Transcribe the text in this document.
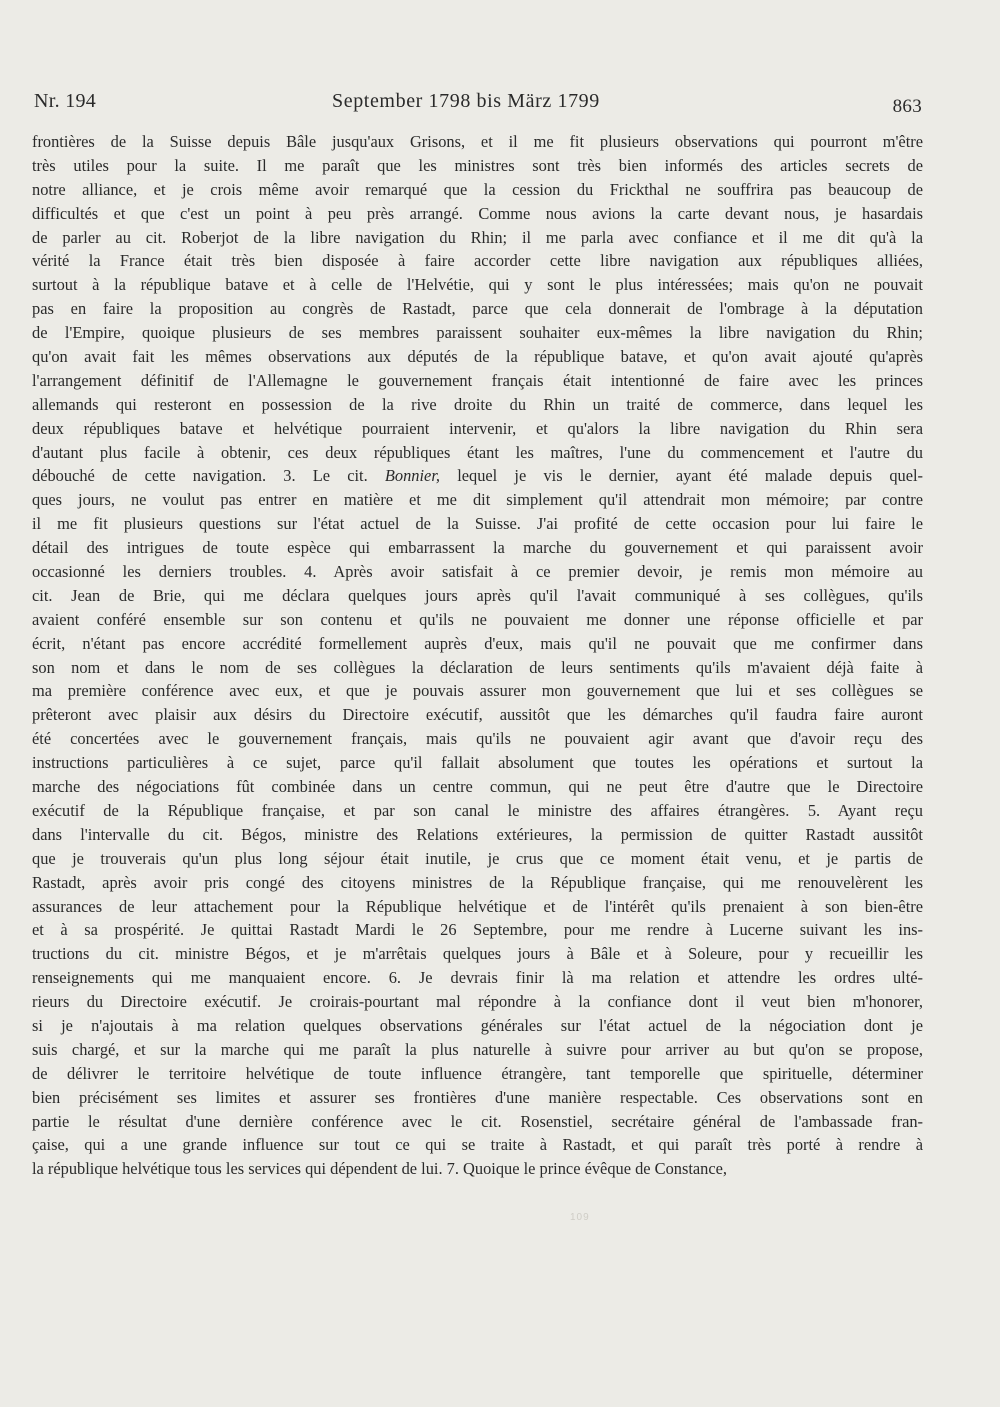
Nr. 194	September 1798 bis März 1799	863
frontières de la Suisse depuis Bâle jusqu'aux Grisons, et il me fit plusieurs observations qui pourront m'être
très utiles pour la suite. Il me paraît que les ministres sont très bien informés des articles secrets de
notre alliance, et je crois même avoir remarqué que la cession du Frickthal ne souffrira pas beaucoup de
difficultés et que c'est un point à peu près arrangé. Comme nous avions la carte devant nous, je hasardais
de parler au cit. Roberjot de la libre navigation du Rhin; il me parla avec confiance et il me dit qu'à la
vérité la France était très bien disposée à faire accorder cette libre navigation aux républiques alliées,
surtout à la république batave et à celle de l'Helvétie, qui y sont le plus intéressées; mais qu'on ne pouvait
pas en faire la proposition au congrès de Rastadt, parce que cela donnerait de l'ombrage à la députation
de l'Empire, quoique plusieurs de ses membres paraissent souhaiter eux-mêmes la libre navigation du Rhin;
qu'on avait fait les mêmes observations aux députés de la république batave, et qu'on avait ajouté qu'après
l'arrangement définitif de l'Allemagne le gouvernement français était intentionné de faire avec les princes
allemands qui resteront en possession de la rive droite du Rhin un traité de commerce, dans lequel les
deux républiques batave et helvétique pourraient intervenir, et qu'alors la libre navigation du Rhin sera
d'autant plus facile à obtenir, ces deux républiques étant les maîtres, l'une du commencement et l'autre du
débouché de cette navigation. 3. Le cit. Bonnier, lequel je vis le dernier, ayant été malade depuis quel-
ques jours, ne voulut pas entrer en matière et me dit simplement qu'il attendrait mon mémoire; par contre
il me fit plusieurs questions sur l'état actuel de la Suisse. J'ai profité de cette occasion pour lui faire le
détail des intrigues de toute espèce qui embarrassent la marche du gouvernement et qui paraissent avoir
occasionné les derniers troubles. 4. Après avoir satisfait à ce premier devoir, je remis mon mémoire au
cit. Jean de Brie, qui me déclara quelques jours après qu'il l'avait communiqué à ses collègues, qu'ils
avaient conféré ensemble sur son contenu et qu'ils ne pouvaient me donner une réponse officielle et par
écrit, n'étant pas encore accrédité formellement auprès d'eux, mais qu'il ne pouvait que me confirmer dans
son nom et dans le nom de ses collègues la déclaration de leurs sentiments qu'ils m'avaient déjà faite à
ma première conférence avec eux, et que je pouvais assurer mon gouvernement que lui et ses collègues se
prêteront avec plaisir aux désirs du Directoire exécutif, aussitôt que les démarches qu'il faudra faire auront
été concertées avec le gouvernement français, mais qu'ils ne pouvaient agir avant que d'avoir reçu des
instructions particulières à ce sujet, parce qu'il fallait absolument que toutes les opérations et surtout la
marche des négociations fût combinée dans un centre commun, qui ne peut être d'autre que le Directoire
exécutif de la République française, et par son canal le ministre des affaires étrangères. 5. Ayant reçu
dans l'intervalle du cit. Bégos, ministre des Relations extérieures, la permission de quitter Rastadt aussitôt
que je trouverais qu'un plus long séjour était inutile, je crus que ce moment était venu, et je partis de
Rastadt, après avoir pris congé des citoyens ministres de la République française, qui me renouvelèrent les
assurances de leur attachement pour la République helvétique et de l'intérêt qu'ils prenaient à son bien-être
et à sa prospérité. Je quittai Rastadt Mardi le 26 Septembre, pour me rendre à Lucerne suivant les ins-
tructions du cit. ministre Bégos, et je m'arrêtais quelques jours à Bâle et à Soleure, pour y recueillir les
renseignements qui me manquaient encore. 6. Je devrais finir là ma relation et attendre les ordres ulté-
rieurs du Directoire exécutif. Je croirais-pourtant mal répondre à la confiance dont il veut bien m'honorer,
si je n'ajoutais à ma relation quelques observations générales sur l'état actuel de la négociation dont je
suis chargé, et sur la marche qui me paraît la plus naturelle à suivre pour arriver au but qu'on se propose,
de délivrer le territoire helvétique de toute influence étrangère, tant temporelle que spirituelle, déterminer
bien précisément ses limites et assurer ses frontières d'une manière respectable. Ces observations sont en
partie le résultat d'une dernière conférence avec le cit. Rosenstiel, secrétaire général de l'ambassade fran-
çaise, qui a une grande influence sur tout ce qui se traite à Rastadt, et qui paraît très porté à rendre à
la république helvétique tous les services qui dépendent de lui. 7. Quoique le prince évêque de Constance,
109
